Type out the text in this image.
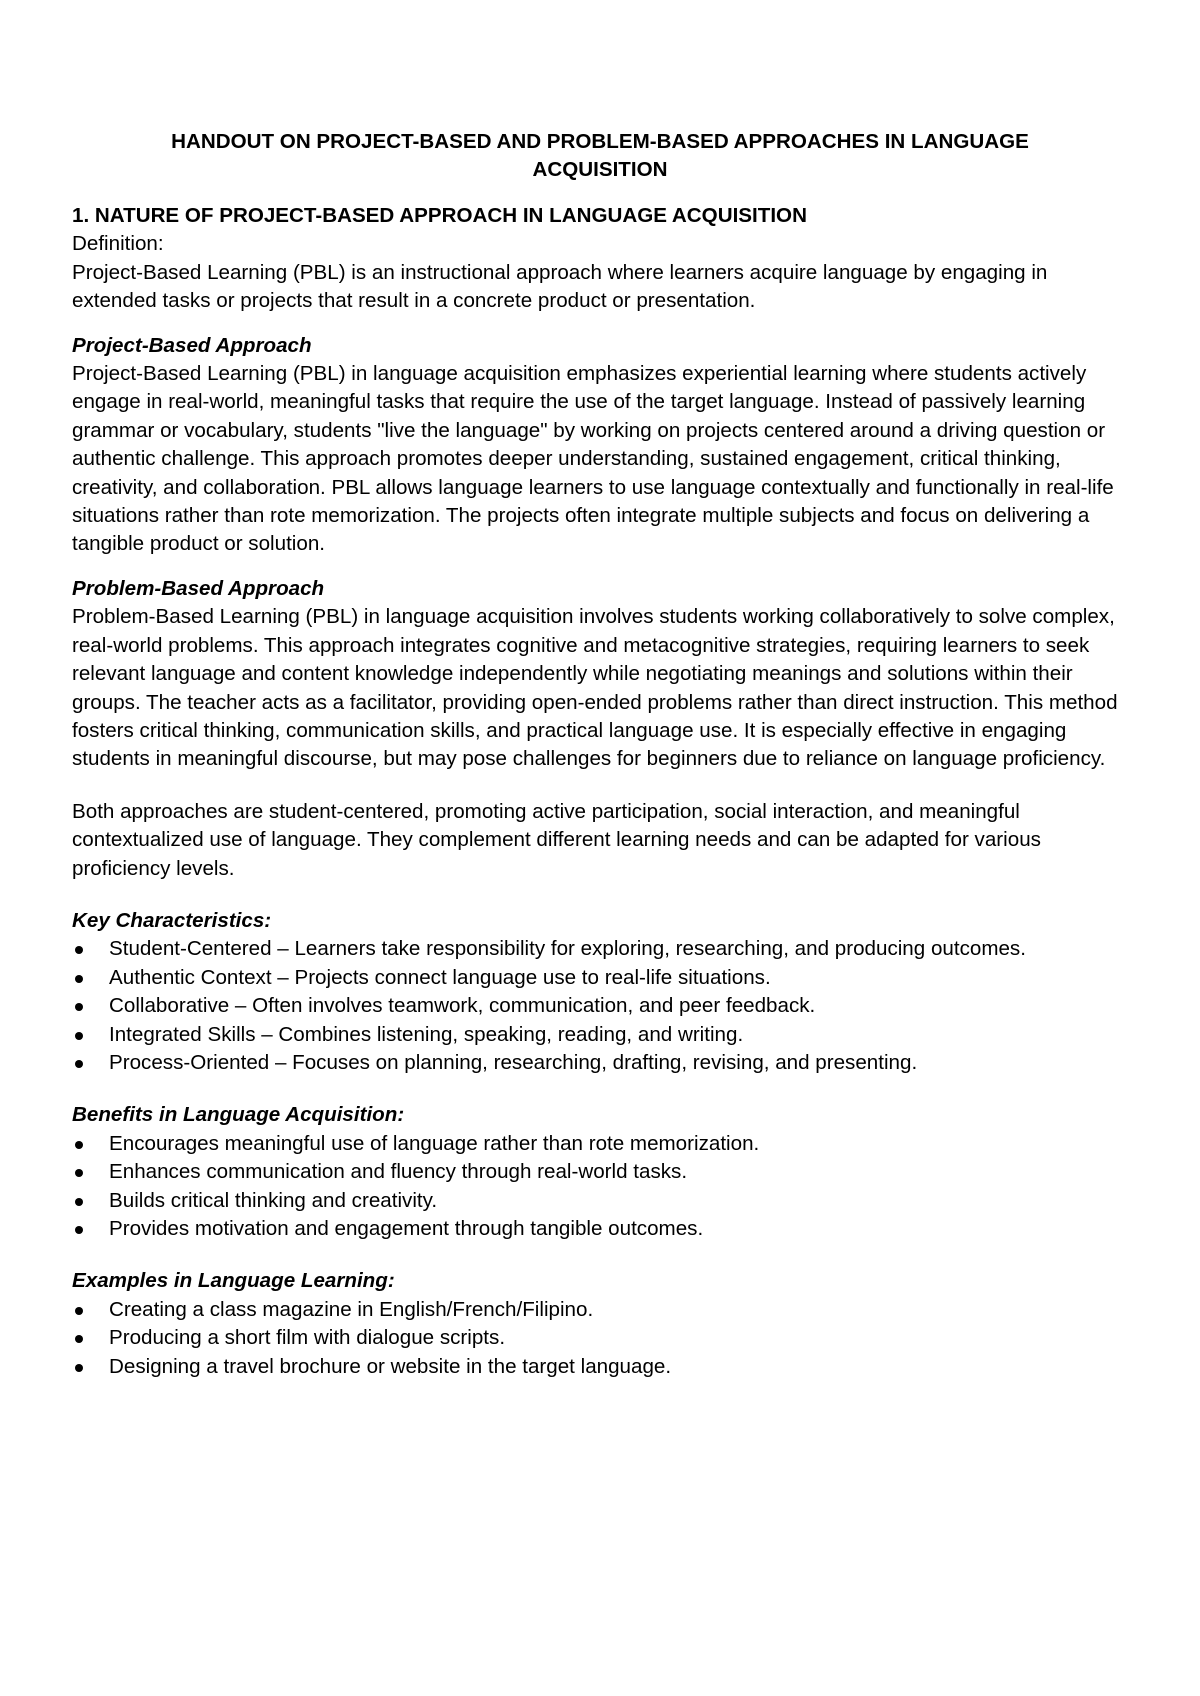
HANDOUT ON PROJECT-BASED AND PROBLEM-BASED APPROACHES IN LANGUAGE
ACQUISITION

1. NATURE OF PROJECT-BASED APPROACH IN LANGUAGE ACQUISITION

Definition:

Project-Based Learning (PBL) is an instructional approach where learners acquire language by engaging in extended tasks or projects that result in a concrete product or presentation.

Project-Based Approach

Project-Based Learning (PBL) in language acquisition emphasizes experiential learning where students actively engage in real-world, meaningful tasks that require the use of the target language. Instead of passively learning grammar or vocabulary, students "live the language" by working on projects centered around a driving question or authentic challenge. This approach promotes deeper understanding, sustained engagement, critical thinking, creativity, and collaboration. PBL allows language learners to use language contextually and functionally in real-life situations rather than rote memorization. The projects often integrate multiple subjects and focus on delivering a tangible product or solution.

Problem-Based Approach

Problem-Based Learning (PBL) in language acquisition involves students working collaboratively to solve complex, real-world problems. This approach integrates cognitive and metacognitive strategies, requiring learners to seek relevant language and content knowledge independently while negotiating meanings and solutions within their groups. The teacher acts as a facilitator, providing open-ended problems rather than direct instruction. This method fosters critical thinking, communication skills, and practical language use. It is especially effective in engaging students in meaningful discourse, but may pose challenges for beginners due to reliance on language proficiency.

Both approaches are student-centered, promoting active participation, social interaction, and meaningful contextualized use of language. They complement different learning needs and can be adapted for various proficiency levels.

Key Characteristics:

Student-Centered – Learners take responsibility for exploring, researching, and producing outcomes.
Authentic Context – Projects connect language use to real-life situations.
Collaborative – Often involves teamwork, communication, and peer feedback.
Integrated Skills – Combines listening, speaking, reading, and writing.
Process-Oriented – Focuses on planning, researching, drafting, revising, and presenting.

Benefits in Language Acquisition:

Encourages meaningful use of language rather than rote memorization.
Enhances communication and fluency through real-world tasks.
Builds critical thinking and creativity.
Provides motivation and engagement through tangible outcomes.

Examples in Language Learning:

Creating a class magazine in English/French/Filipino.
Producing a short film with dialogue scripts.
Designing a travel brochure or website in the target language.
